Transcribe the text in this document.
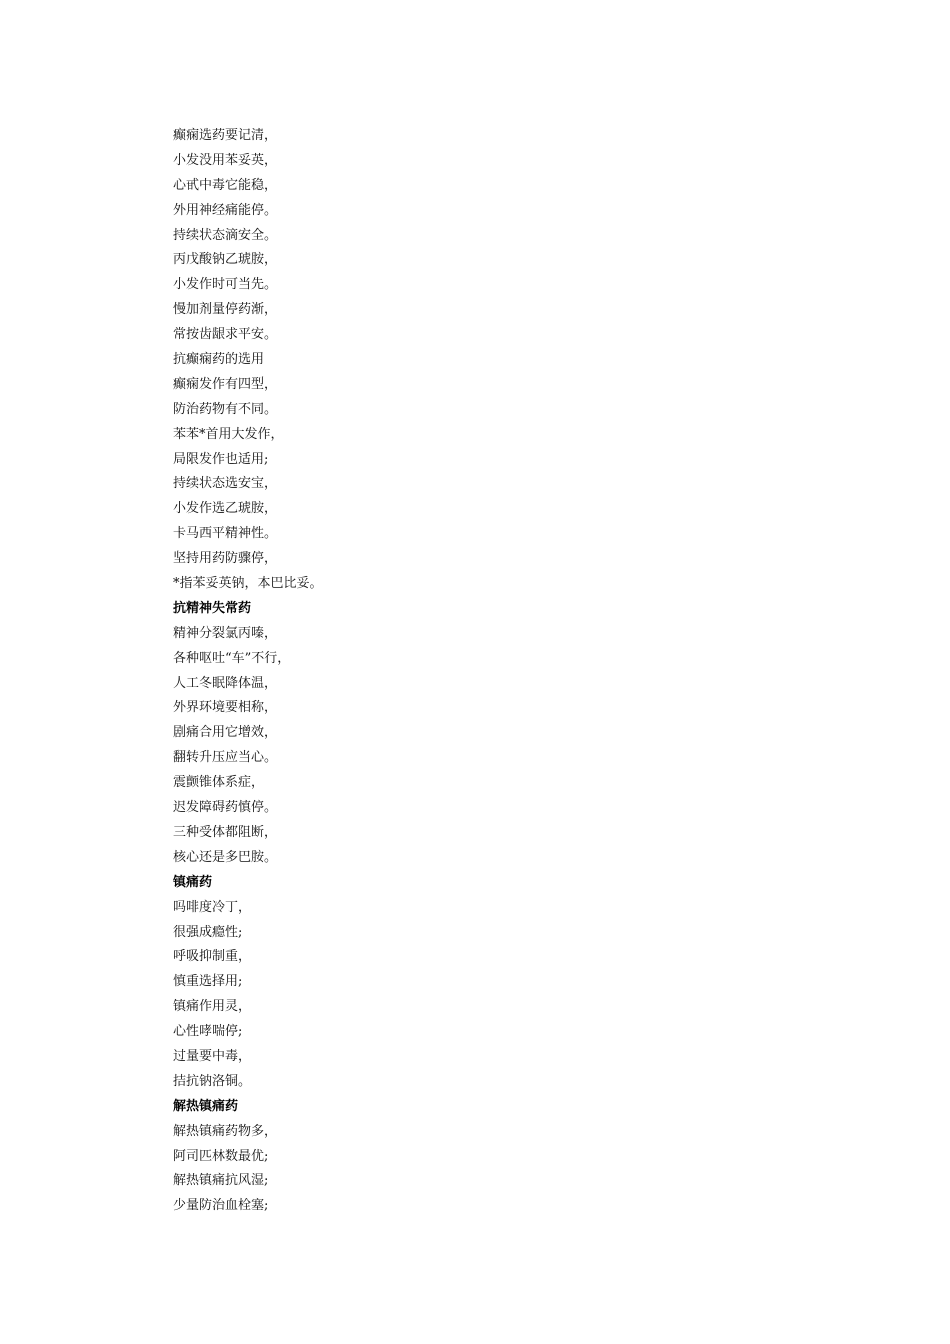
癫痫选药要记清，
小发没用苯妥英，
心甙中毒它能稳，
外用神经痛能停。
持续状态滴安全。
丙戊酸钠乙琥胺，
小发作时可当先。
慢加剂量停药渐，
常按齿龈求平安。
抗癫痫药的选用
癫痫发作有四型，
防治药物有不同。
苯苯*首用大发作，
局限发作也适用;
持续状态选安宝，
小发作选乙琥胺，
卡马西平精神性。
坚持用药防骤停，
*指苯妥英钠，本巴比妥。
抗精神失常药
精神分裂氯丙嗪，
各种呕吐“车”不行，
人工冬眠降体温，
外界环境要相称，
剧痛合用它增效，
翻转升压应当心。
震颤锥体系症，
迟发障碍药慎停。
三种受体都阻断，
核心还是多巴胺。
镇痛药
吗啡度冷丁，
很强成瘾性;
呼吸抑制重，
慎重选择用;
镇痛作用灵，
心性哮喘停;
过量要中毒，
拮抗钠洛铜。
解热镇痛药
解热镇痛药物多，
阿司匹林数最优;
解热镇痛抗风湿;
少量防治血栓塞;
